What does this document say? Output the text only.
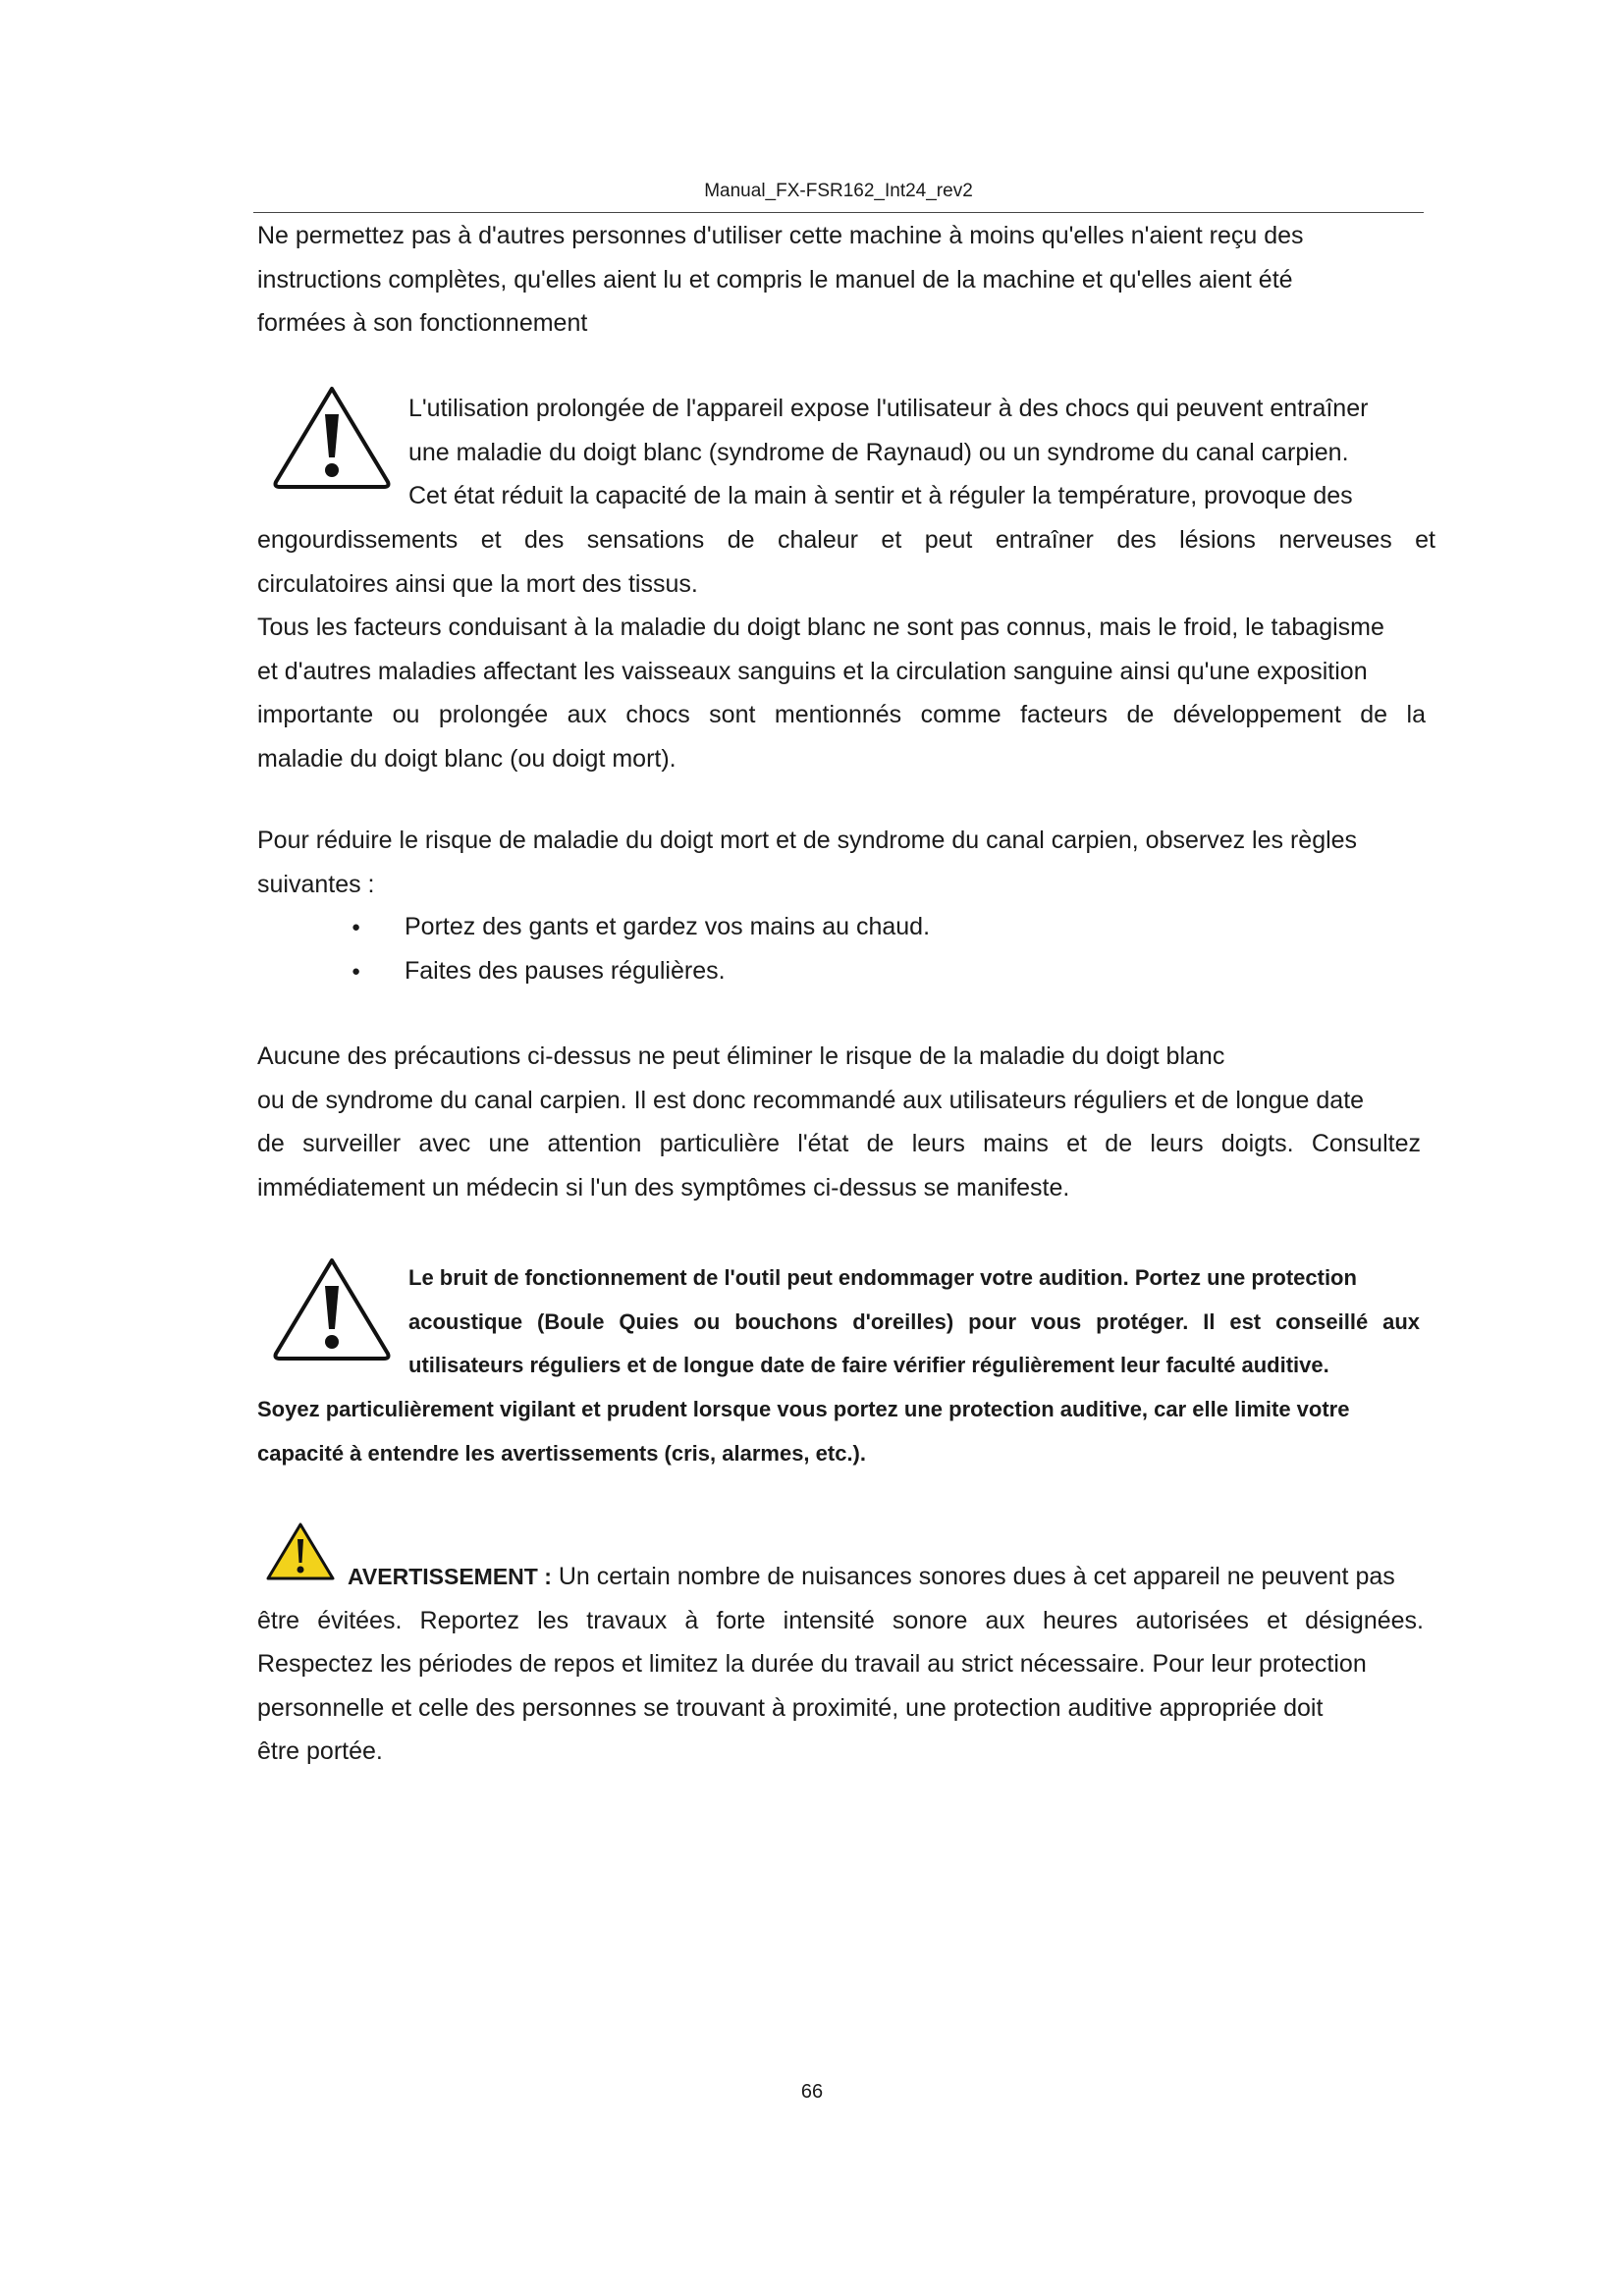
Manual_FX-FSR162_Int24_rev2

Ne permettez pas à d'autres personnes d'utiliser cette machine à moins qu'elles n'aient reçu des
instructions complètes, qu'elles aient lu et compris le manuel de la machine et qu'elles aient été
formées à son fonctionnement

L'utilisation prolongée de l'appareil expose l'utilisateur à des chocs qui peuvent entraîner
une maladie du doigt blanc (syndrome de Raynaud) ou un syndrome du canal carpien.
Cet état réduit la capacité de la main à sentir et à réguler la température, provoque des

engourdissements et des sensations de chaleur et peut entraîner des lésions nerveuses et
circulatoires ainsi que la mort des tissus.

Tous les facteurs conduisant à la maladie du doigt blanc ne sont pas connus, mais le froid, le tabagisme
et d'autres maladies affectant les vaisseaux sanguins et la circulation sanguine ainsi qu'une exposition
importante ou prolongée aux chocs sont mentionnés comme facteurs de développement de la
maladie du doigt blanc (ou doigt mort).

Pour réduire le risque de maladie du doigt mort et de syndrome du canal carpien, observez les règles
suivantes :

● Portez des gants et gardez vos mains au chaud.
● Faites des pauses régulières.

Aucune des précautions ci-dessus ne peut éliminer le risque de la maladie du doigt blanc
ou de syndrome du canal carpien. Il est donc recommandé aux utilisateurs réguliers et de longue date
de surveiller avec une attention particulière l'état de leurs mains et de leurs doigts. Consultez
immédiatement un médecin si l'un des symptômes ci-dessus se manifeste.

Le bruit de fonctionnement de l'outil peut endommager votre audition. Portez une protection
acoustique (Boule Quies ou bouchons d'oreilles) pour vous protéger. Il est conseillé aux
utilisateurs réguliers et de longue date de faire vérifier régulièrement leur faculté auditive.

Soyez particulièrement vigilant et prudent lorsque vous portez une protection auditive, car elle limite votre
capacité à entendre les avertissements (cris, alarmes, etc.).

AVERTISSEMENT : Un certain nombre de nuisances sonores dues à cet appareil ne peuvent pas
être évitées. Reportez les travaux à forte intensité sonore aux heures autorisées et désignées.
Respectez les périodes de repos et limitez la durée du travail au strict nécessaire. Pour leur protection
personnelle et celle des personnes se trouvant à proximité, une protection auditive appropriée doit
être portée.

66
